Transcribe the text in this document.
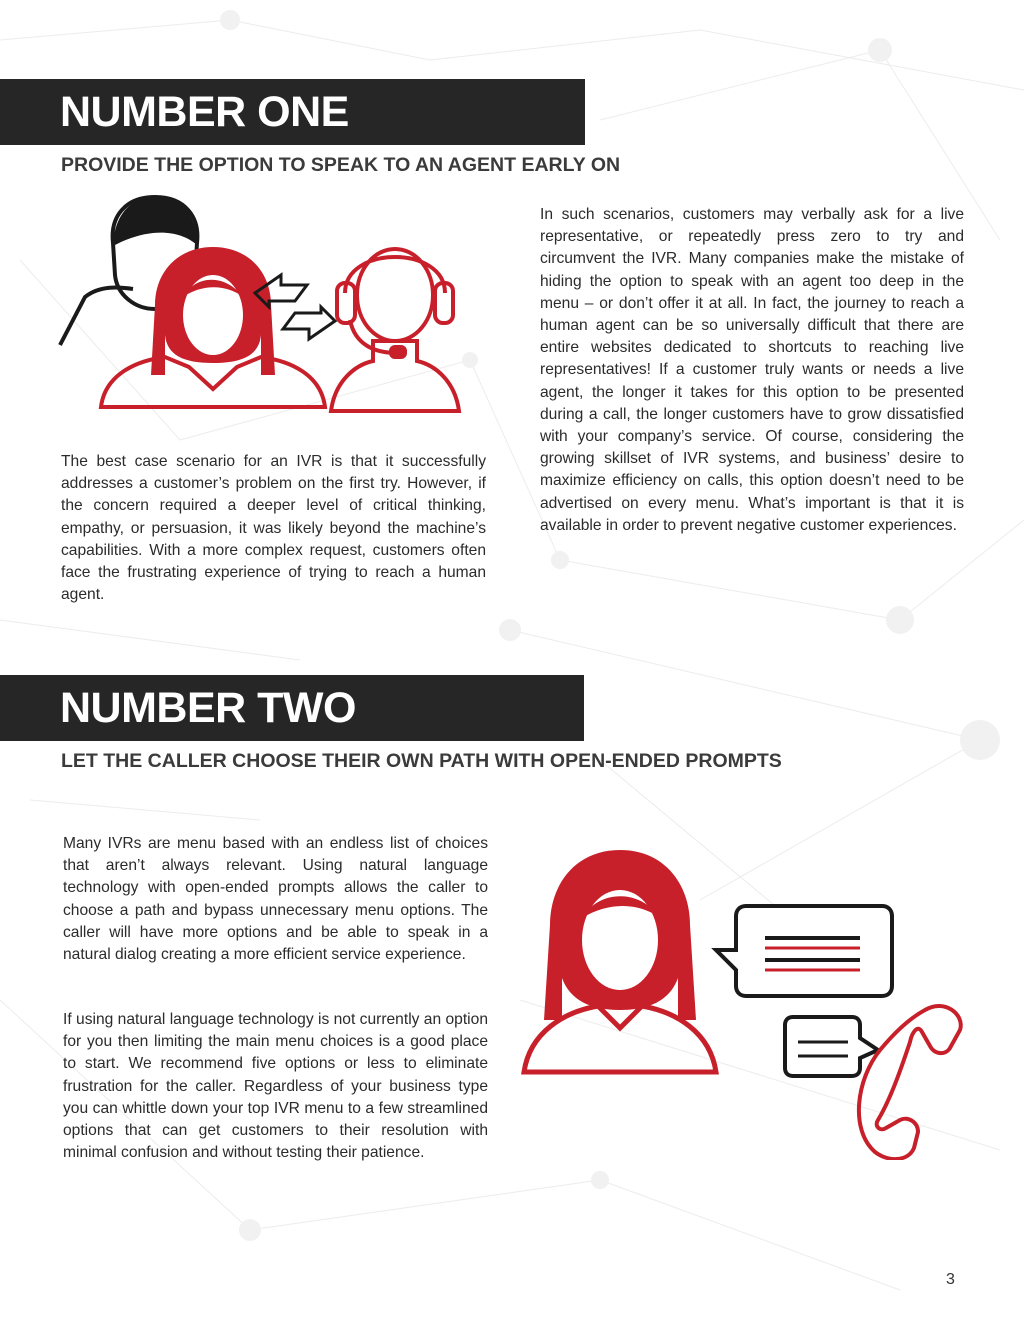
NUMBER ONE
PROVIDE THE OPTION TO SPEAK TO AN AGENT EARLY ON

The best case scenario for an IVR is that it successfully addresses a customer’s problem on the first try. However, if the concern required a deeper level of critical thinking, empathy, or persuasion, it was likely beyond the machine’s capabilities. With a more complex request, customers often face the frustrating experience of trying to reach a human agent.

In such scenarios, customers may verbally ask for a live representative, or repeatedly press zero to try and circumvent the IVR. Many companies make the mistake of hiding the option to speak with an agent too deep in the menu – or don’t offer it at all. In fact, the journey to reach a human agent can be so universally difficult that there are entire websites dedicated to shortcuts to reaching live representatives! If a customer truly wants or needs a live agent, the longer it takes for this option to be presented during a call, the longer customers have to grow dissatisfied with your company’s service. Of course, considering the growing skillset of IVR systems, and business’ desire to maximize efficiency on calls, this option doesn’t need to be advertised on every menu. What’s important is that it is available in order to prevent negative customer experiences.

NUMBER TWO
LET THE CALLER CHOOSE THEIR OWN PATH WITH OPEN-ENDED PROMPTS

Many IVRs are menu based with an endless list of choices that aren’t always relevant. Using natural language technology with open-ended prompts allows the caller to choose a path and bypass unnecessary menu options. The caller will have more options and be able to speak in a natural dialog creating a more efficient service experience.

If using natural language technology is not currently an option for you then limiting the main menu choices is a good place to start. We recommend five options or less to eliminate frustration for the caller. Regardless of your business type you can whittle down your top IVR menu to a few streamlined options that can get customers to their resolution with minimal confusion and without testing their patience.

3
